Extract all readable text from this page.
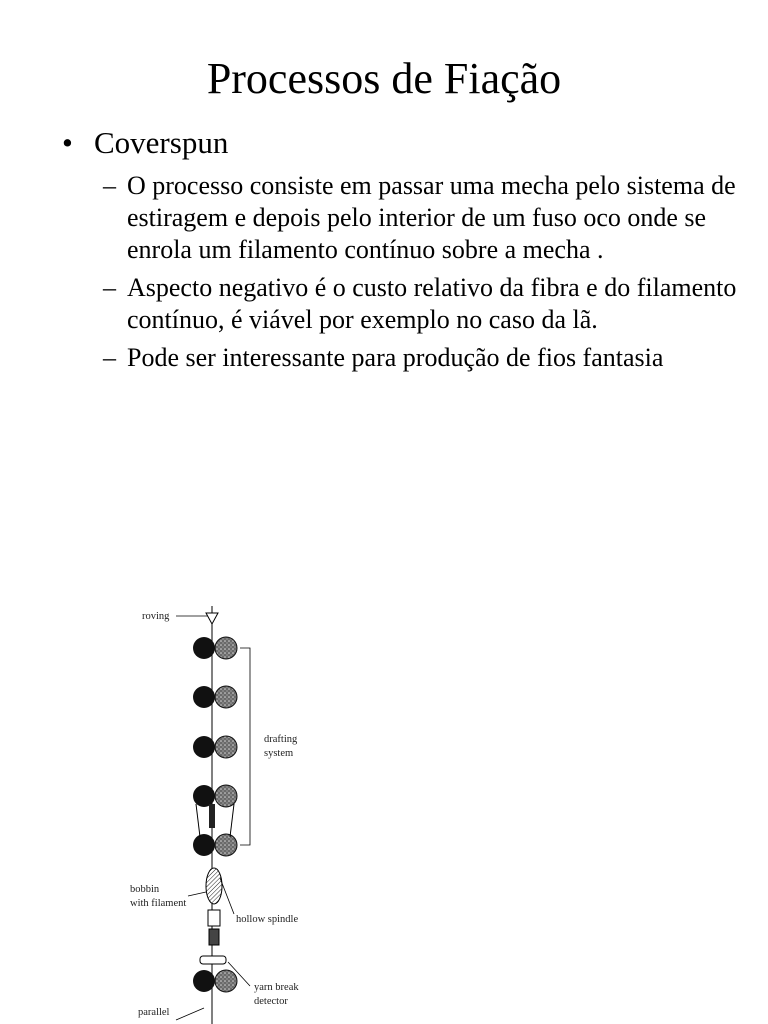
Processos de Fiação
• Coverspun
– O processo consiste em passar uma mecha pelo sistema de estiragem e depois pelo interior de um fuso oco onde se enrola um filamento contínuo sobre a mecha .
– Aspecto negativo é o custo relativo da fibra e do filamento contínuo, é viável por exemplo no caso da lã.
– Pode ser interessante para produção de fios fantasia
roving
drafting
system
bobbin
with filament
hollow spindle
yarn break
detector
parallel
